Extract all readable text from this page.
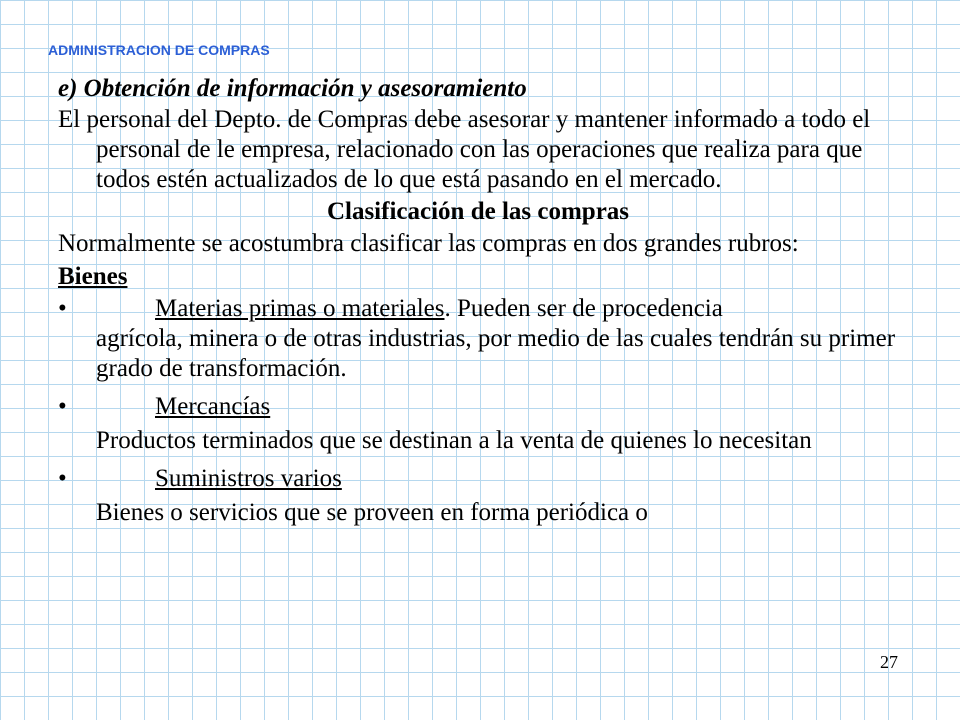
ADMINISTRACION DE COMPRAS

e) Obtención de información y asesoramiento

El personal del Depto. de Compras debe asesorar y mantener informado a todo el personal de le empresa, relacionado con las operaciones que realiza para que todos estén actualizados de lo que está pasando en el mercado.

Clasificación de las compras

Normalmente se acostumbra clasificar las compras en dos grandes rubros:

Bienes

•	Materias primas o materiales. Pueden ser de procedencia
agrícola, minera o de otras industrias, por medio de las cuales tendrán su primer grado de transformación.

•	Mercancías

Productos terminados que se destinan a la venta de quienes lo necesitan

•	Suministros varios

Bienes o servicios que se proveen en forma periódica o

27
